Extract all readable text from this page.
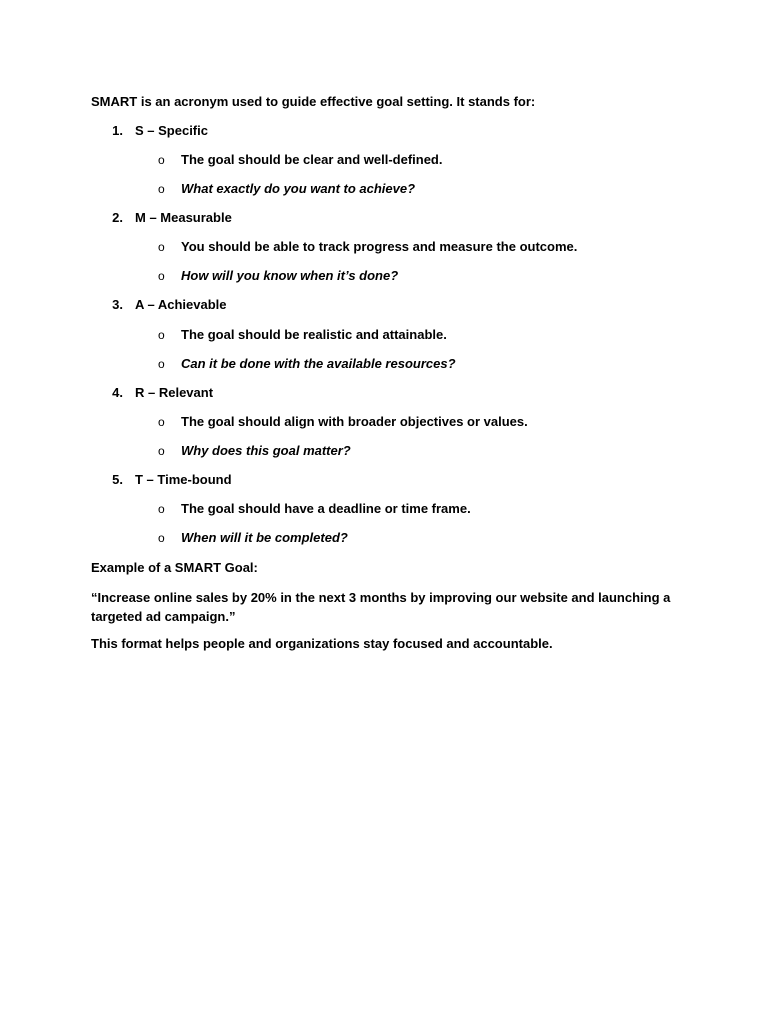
SMART is an acronym used to guide effective goal setting. It stands for:
1. S – Specific
o The goal should be clear and well-defined.
o What exactly do you want to achieve?
2. M – Measurable
o You should be able to track progress and measure the outcome.
o How will you know when it’s done?
3. A – Achievable
o The goal should be realistic and attainable.
o Can it be done with the available resources?
4. R – Relevant
o The goal should align with broader objectives or values.
o Why does this goal matter?
5. T – Time-bound
o The goal should have a deadline or time frame.
o When will it be completed?
Example of a SMART Goal:
“Increase online sales by 20% in the next 3 months by improving our website and launching a targeted ad campaign.”
This format helps people and organizations stay focused and accountable.
